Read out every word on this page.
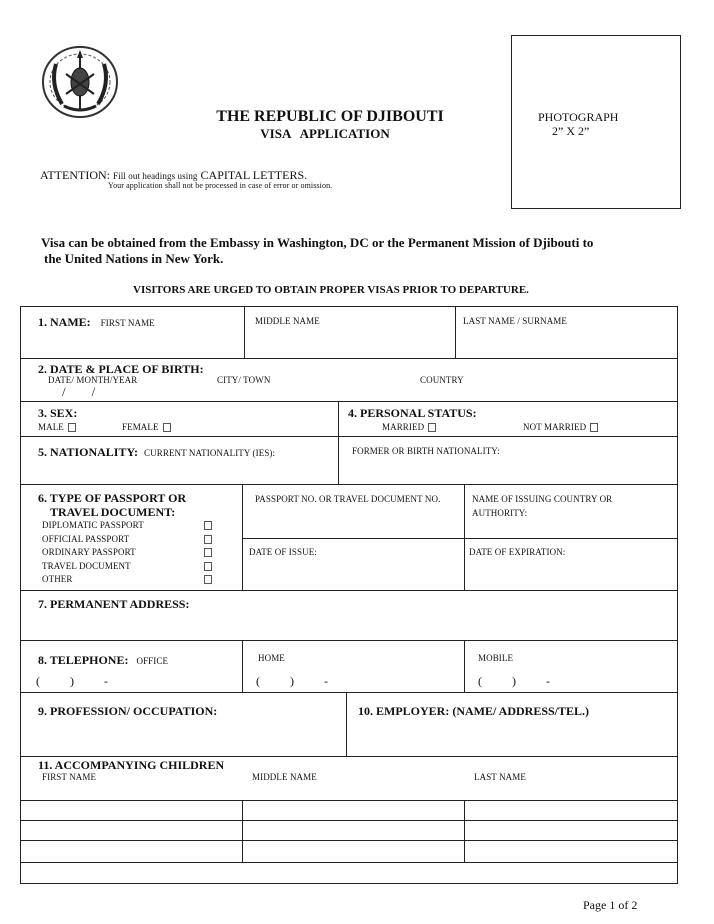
THE REPUBLIC OF DJIBOUTI
VISA   APPLICATION
PHOTOGRAPH
2” X 2”
ATTENTION: Fill out headings using CAPITAL LETTERS.
Your application shall not be processed in case of error or omission.
Visa can be obtained from the Embassy in Washington, DC or the Permanent Mission of Djibouti to
the United Nations in New York.
VISITORS ARE URGED TO OBTAIN PROPER VISAS PRIOR TO DEPARTURE.
1. NAME: FIRST NAME	MIDDLE NAME	LAST NAME / SURNAME
2. DATE & PLACE OF BIRTH:
DATE/ MONTH/YEAR	CITY/ TOWN	COUNTRY
/        /
3. SEX:
MALE	FEMALE
4. PERSONAL STATUS:
MARRIED	NOT MARRIED
5. NATIONALITY: CURRENT NATIONALITY (IES):	FORMER OR BIRTH NATIONALITY:
6. TYPE OF PASSPORT OR
TRAVEL DOCUMENT:
DIPLOMATIC PASSPORT
OFFICIAL PASSPORT
ORDINARY PASSPORT
TRAVEL DOCUMENT
OTHER
PASSPORT NO. OR TRAVEL DOCUMENT NO.	NAME OF ISSUING COUNTRY OR
AUTHORITY:
DATE OF ISSUE:	DATE OF EXPIRATION:
7. PERMANENT ADDRESS:
8. TELEPHONE: OFFICE	HOME	MOBILE
(          )          -	(          )          -	(          )          -
9. PROFESSION/ OCCUPATION:	10. EMPLOYER: (NAME/ ADDRESS/TEL.)
11. ACCOMPANYING CHILDREN
FIRST NAME	MIDDLE NAME	LAST NAME
Page 1 of 2
